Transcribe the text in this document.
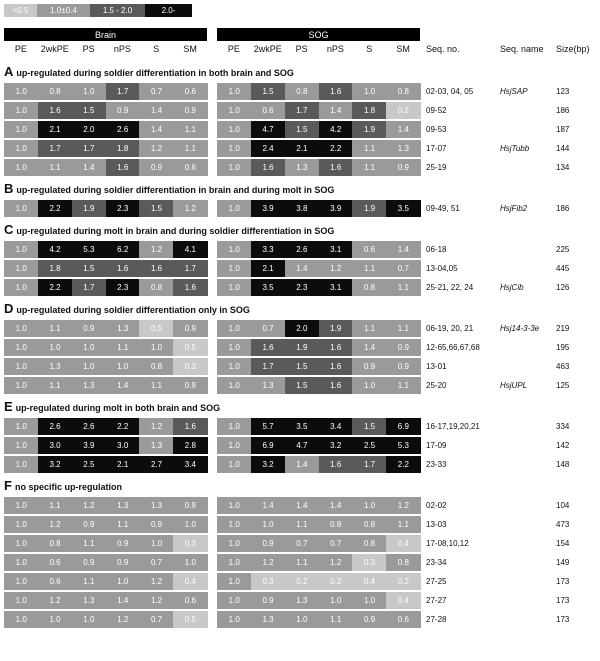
<0.5	1.0±0.4	1.5 - 2.0	2.0-
Brain	SOG
PE	2wkPE	PS	nPS	S	SM	PE	2wkPE	PS	nPS	S	SM	Seq. no.	Seq. name Size(bp)
A up-regulated during soldier differentiation in both brain and SOG
1.0	0.8	1.0	1.7	0.7	0.6	1.0	1.5	0.8	1.6	1.0	0.8	02-03, 04, 05	HsjSAP	123
1.0	1.6	1.5	0.9	1.4	0.9	1.0	0.6	1.7	1.4	1.8	0.2	09-52	186
1.0	2.1	2.0	2.6	1.4	1.1	1.0	4.7	1.5	4.2	1.9	1.4	09-53	187
1.0	1.7	1.7	1.8	1.2	1.1	1.0	2.4	2.1	2.2	1.1	1.3	17-07	HsjTubb	144
1.0	1.1	1.4	1.6	0.9	0.6	1.0	1.6	1.3	1.6	1.1	0.9	25-19	134
B up-regulated during soldier differentiation in brain and during molt in SOG
1.0	2.2	1.9	2.3	1.5	1.2	1.0	3.9	3.8	3.9	1.9	3.5	09-49, 51	HsjFib2	186
C up-regulated during molt in brain and during soldier differentiation in SOG
1.0	4.2	5.3	6.2	1.2	4.1	1.0	3.3	2.6	3.1	0.6	1.4	06-18	225
1.0	1.8	1.5	1.6	1.6	1.7	1.0	2.1	1.4	1.2	1.1	0.7	13-04,05	445
1.0	2.2	1.7	2.3	0.8	1.6	1.0	3.5	2.3	3.1	0.8	1.1	25-21, 22, 24	HsjCib	126
D up-regulated during soldier differentiation only in SOG
1.0	1.1	0.9	1.3	0.5	0.9	1.0	0.7	2.0	1.9	1.1	1.1	06-19, 20, 21	Hsj14-3-3e 219
1.0	1.0	1.0	1.1	1.0	0.5	1.0	1.6	1.9	1.6	1.4	0.9	12-65,66,67,68	195
1.0	1.3	1.0	1.0	0.8	0.3	1.0	1.7	1.5	1.6	0.9	0.9	13-01	463
1.0	1.1	1.3	1.4	1.1	0.9	1.0	1.3	1.5	1.6	1.0	1.1	25-20	HsjUPL	125
E up-regulated during molt in both brain and SOG
1.0	2.6	2.6	2.2	1.2	1.6	1.0	5.7	3.5	3.4	1.5	6.9	16-17,19,20,21	334
1.0	3.0	3.9	3.0	1.3	2.8	1.0	6.9	4.7	3.2	2.5	5.3	17-09	142
1.0	3.2	2.5	2.1	2.7	3.4	1.0	3.2	1.4	1.6	1.7	2.2	23-33	148
F no specific up-regulation
1.0	1.1	1.2	1.3	1.3	0.9	1.0	1.4	1.4	1.4	1.0	1.2	02-02	104
1.0	1.2	0.9	1.1	0.9	1.0	1.0	1.0	1.1	0.8	0.8	1.1	13-03	473
1.0	0.8	1.1	0.9	1.0	0.3	1.0	0.9	0.7	0.7	0.8	0.4	17-08,10,12	154
1.0	0.6	0.9	0.9	0.7	1.0	1.0	1.2	1.1	1.2	0.3	0.8	23-34	149
1.0	0.6	1.1	1.0	1.2	0.4	1.0	0.3	0.2	0.2	0.4	0.2	27-25	173
1.0	1.2	1.3	1.4	1.2	0.6	1.0	0.9	1.3	1.0	1.0	0.4	27-27	173
1.0	1.0	1.0	1.2	0.7	0.5	1.0	1.3	1.0	1.1	0.9	0.6	27-28	173
